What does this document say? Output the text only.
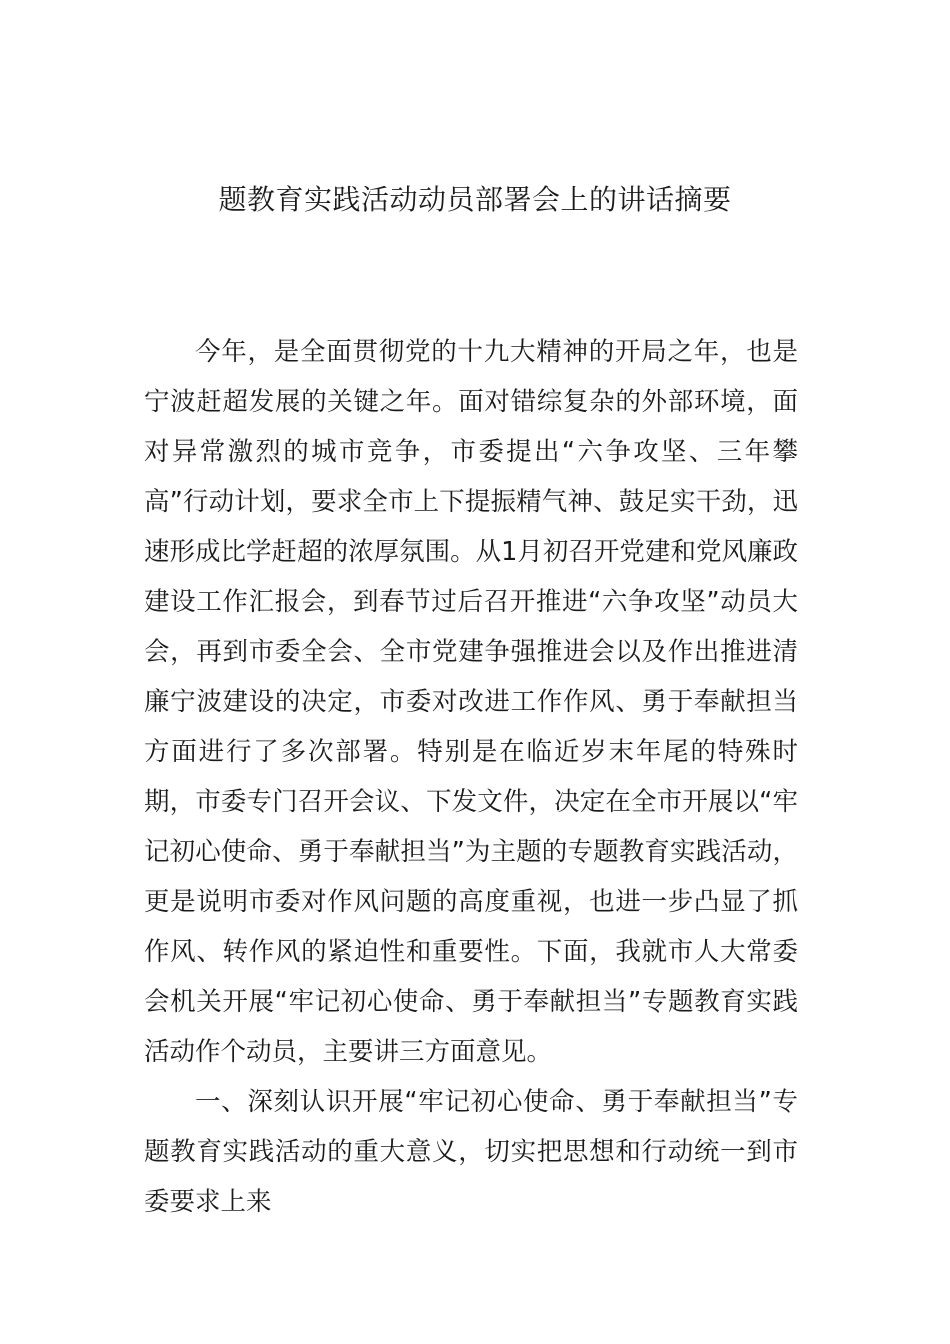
题教育实践活动动员部署会上的讲话摘要

今年，是全面贯彻党的十九大精神的开局之年，也是宁波赶超发展的关键之年。面对错综复杂的外部环境，面对异常激烈的城市竞争，市委提出“六争攻坚、三年攀高”行动计划，要求全市上下提振精气神、鼓足实干劲，迅速形成比学赶超的浓厚氛围。从1月初召开党建和党风廉政建设工作汇报会，到春节过后召开推进“六争攻坚”动员大会，再到市委全会、全市党建争强推进会以及作出推进清廉宁波建设的决定，市委对改进工作作风、勇于奉献担当方面进行了多次部署。特别是在临近岁末年尾的特殊时期，市委专门召开会议、下发文件，决定在全市开展以“牢记初心使命、勇于奉献担当”为主题的专题教育实践活动，更是说明市委对作风问题的高度重视，也进一步凸显了抓作风、转作风的紧迫性和重要性。下面，我就市人大常委会机关开展“牢记初心使命、勇于奉献担当”专题教育实践活动作个动员，主要讲三方面意见。

一、深刻认识开展“牢记初心使命、勇于奉献担当”专题教育实践活动的重大意义，切实把思想和行动统一到市委要求上来
